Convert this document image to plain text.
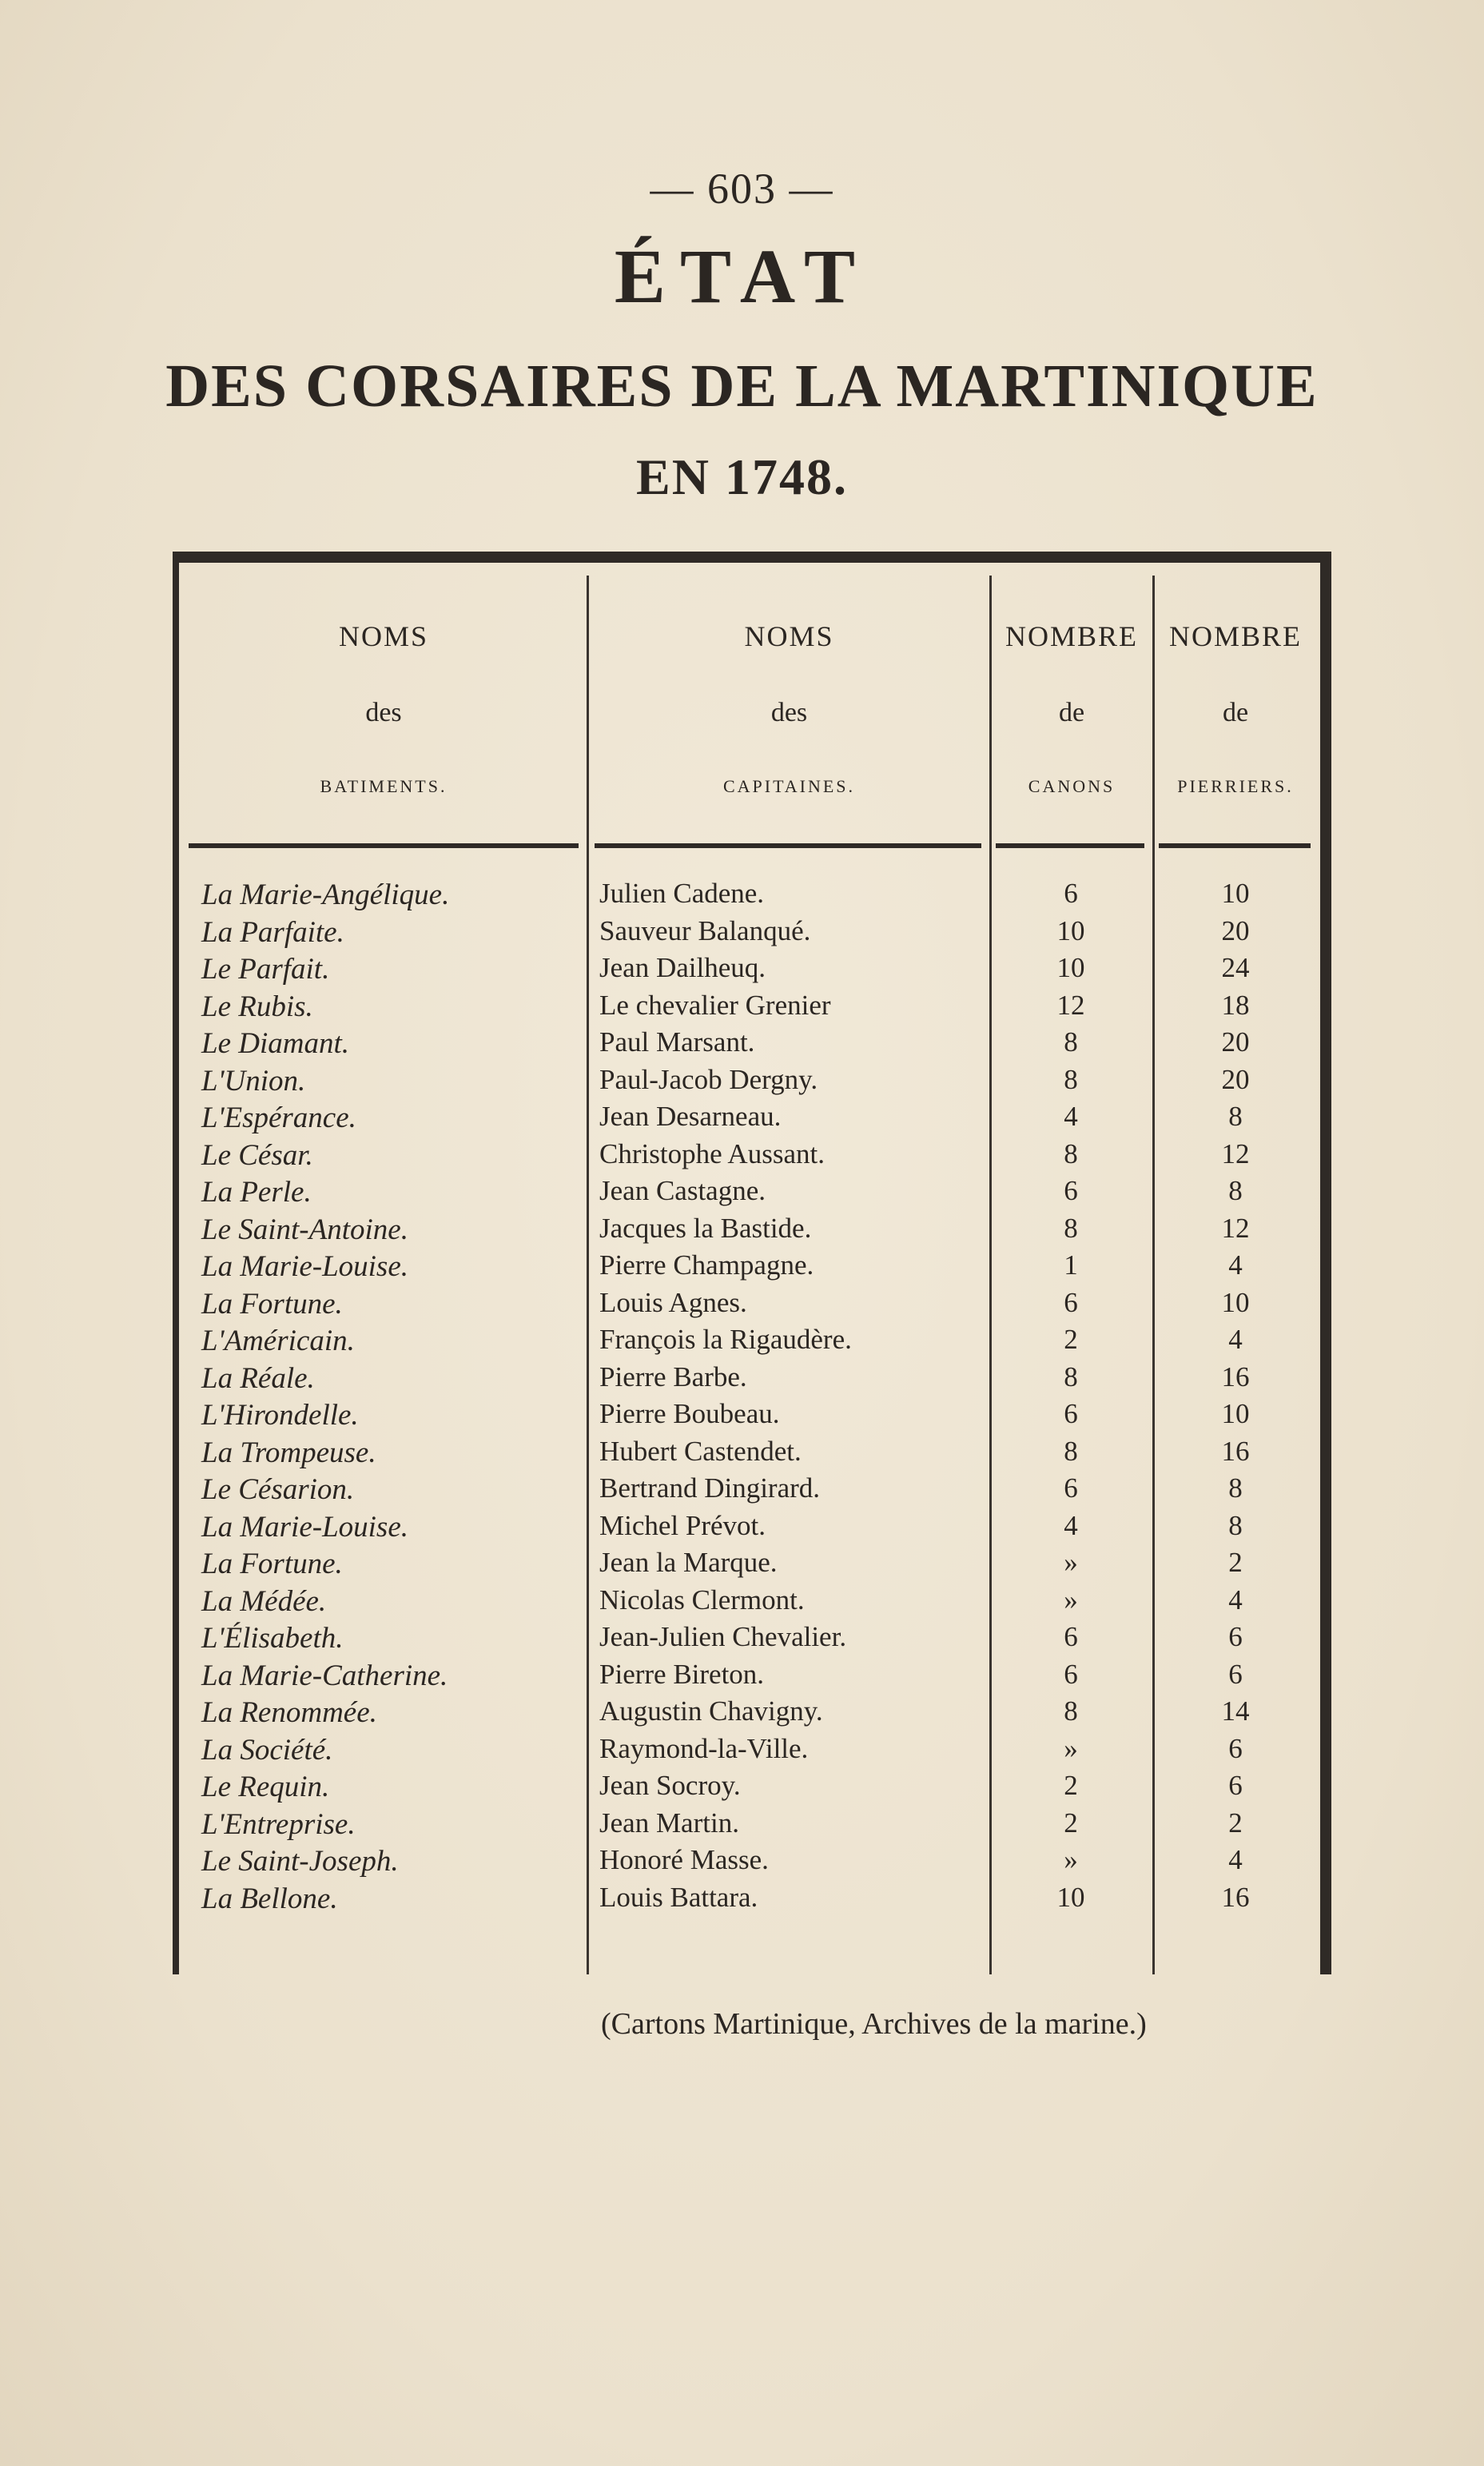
— 603 —
ÉTAT
DES CORSAIRES DE LA MARTINIQUE
EN 1748.
NOMS
des
BATIMENTS.
NOMS
des
CAPITAINES.
NOMBRE
de
CANONS
NOMBRE
de
PIERRIERS.
La Marie-Angélique.	Julien Cadene.	6	10
La Parfaite.	Sauveur Balanqué.	10	20
Le Parfait.	Jean Dailheuq.	10	24
Le Rubis.	Le chevalier Grenier	12	18
Le Diamant.	Paul Marsant.	8	20
L'Union.	Paul-Jacob Dergny.	8	20
L'Espérance.	Jean Desarneau.	4	8
Le César.	Christophe Aussant.	8	12
La Perle.	Jean Castagne.	6	8
Le Saint-Antoine.	Jacques la Bastide.	8	12
La Marie-Louise.	Pierre Champagne.	1	4
La Fortune.	Louis Agnes.	6	10
L'Américain.	François la Rigaudère.	2	4
La Réale.	Pierre Barbe.	8	16
L'Hirondelle.	Pierre Boubeau.	6	10
La Trompeuse.	Hubert Castendet.	8	16
Le Césarion.	Bertrand Dingirard.	6	8
La Marie-Louise.	Michel Prévot.	4	8
La Fortune.	Jean la Marque.	»	2
La Médée.	Nicolas Clermont.	»	4
L'Élisabeth.	Jean-Julien Chevalier.	6	6
La Marie-Catherine.	Pierre Bireton.	6	6
La Renommée.	Augustin Chavigny.	8	14
La Société.	Raymond-la-Ville.	»	6
Le Requin.	Jean Socroy.	2	6
L'Entreprise.	Jean Martin.	2	2
Le Saint-Joseph.	Honoré Masse.	»	4
La Bellone.	Louis Battara.	10	16
(Cartons Martinique, Archives de la marine.)
